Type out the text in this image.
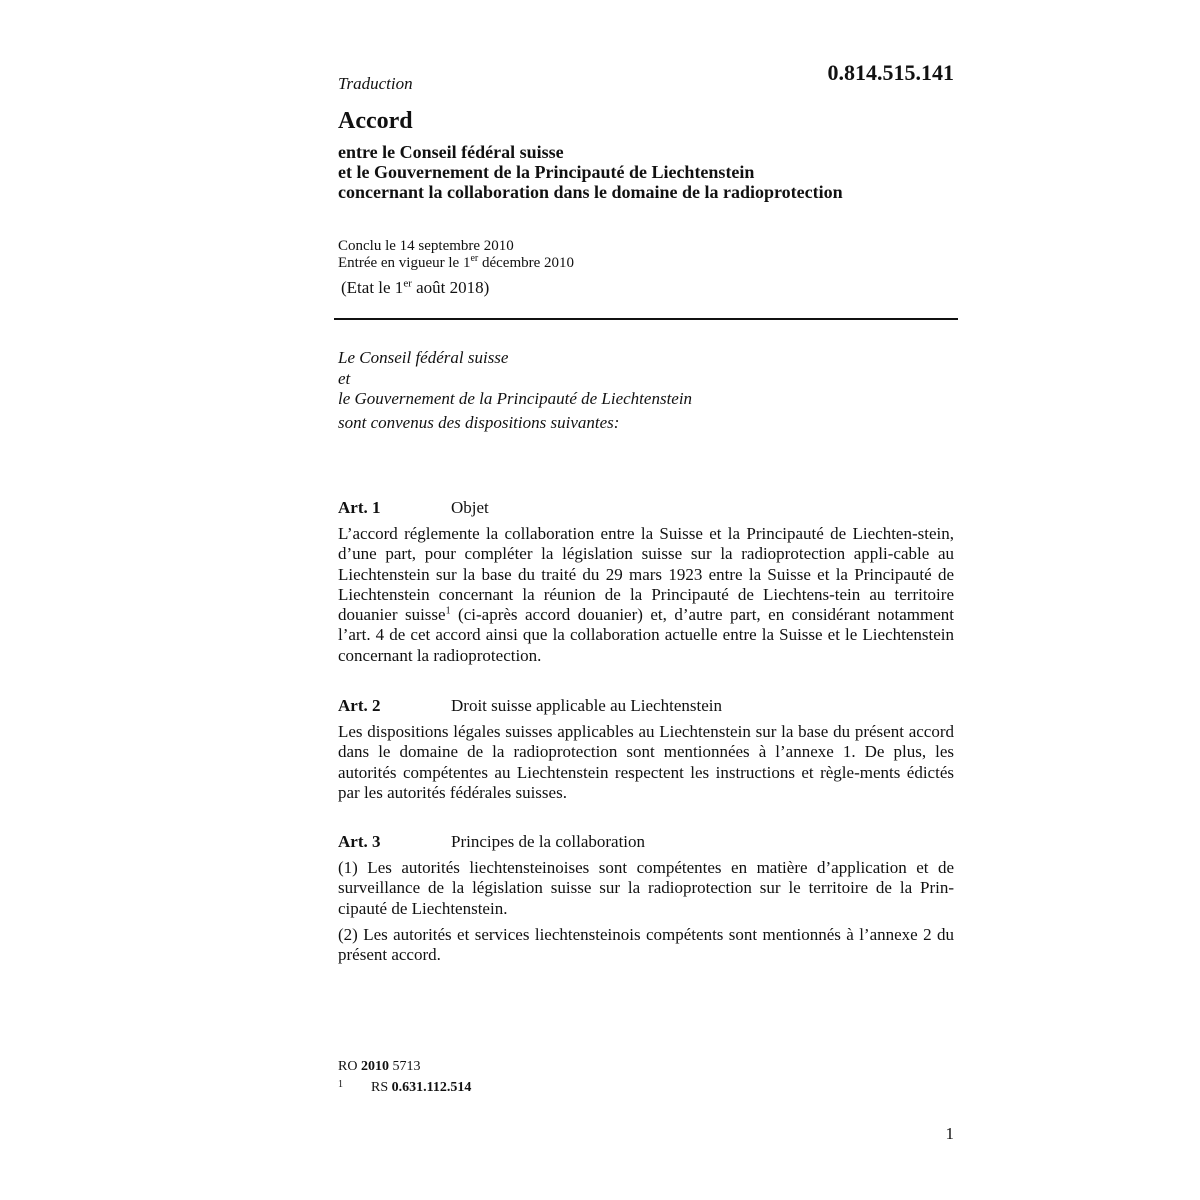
Traduction	0.814.515.141
Accord
entre le Conseil fédéral suisse
et le Gouvernement de la Principauté de Liechtenstein
concernant la collaboration dans le domaine de la radioprotection
Conclu le 14 septembre 2010
Entrée en vigueur le 1er décembre 2010
(Etat le 1er août 2018)
Le Conseil fédéral suisse
et
le Gouvernement de la Principauté de Liechtenstein
sont convenus des dispositions suivantes:
Art. 1	Objet

L’accord réglemente la collaboration entre la Suisse et la Principauté de Liechten-stein, d’une part, pour compléter la législation suisse sur la radioprotection appli-cable au Liechtenstein sur la base du traité du 29 mars 1923 entre la Suisse et la Principauté de Liechtenstein concernant la réunion de la Principauté de Liechtens-tein au territoire douanier suisse$^1$ (ci-après accord douanier) et, d’autre part, en considérant notamment l’art. 4 de cet accord ainsi que la collaboration actuelle entre la Suisse et le Liechtenstein concernant la radioprotection.

Art. 2	Droit suisse applicable au Liechtenstein

Les dispositions légales suisses applicables au Liechtenstein sur la base du présent accord dans le domaine de la radioprotection sont mentionnées à l’annexe 1. De plus, les autorités compétentes au Liechtenstein respectent les instructions et règle-ments édictés par les autorités fédérales suisses.

Art. 3	Principes de la collaboration

(1) Les autorités liechtensteinoises sont compétentes en matière d’application et de surveillance de la législation suisse sur la radioprotection sur le territoire de la Prin-cipauté de Liechtenstein.

(2) Les autorités et services liechtensteinois compétents sont mentionnés à l’annexe 2 du présent accord.

RO 2010 5713
$^1$ RS 0.631.112.514
1
